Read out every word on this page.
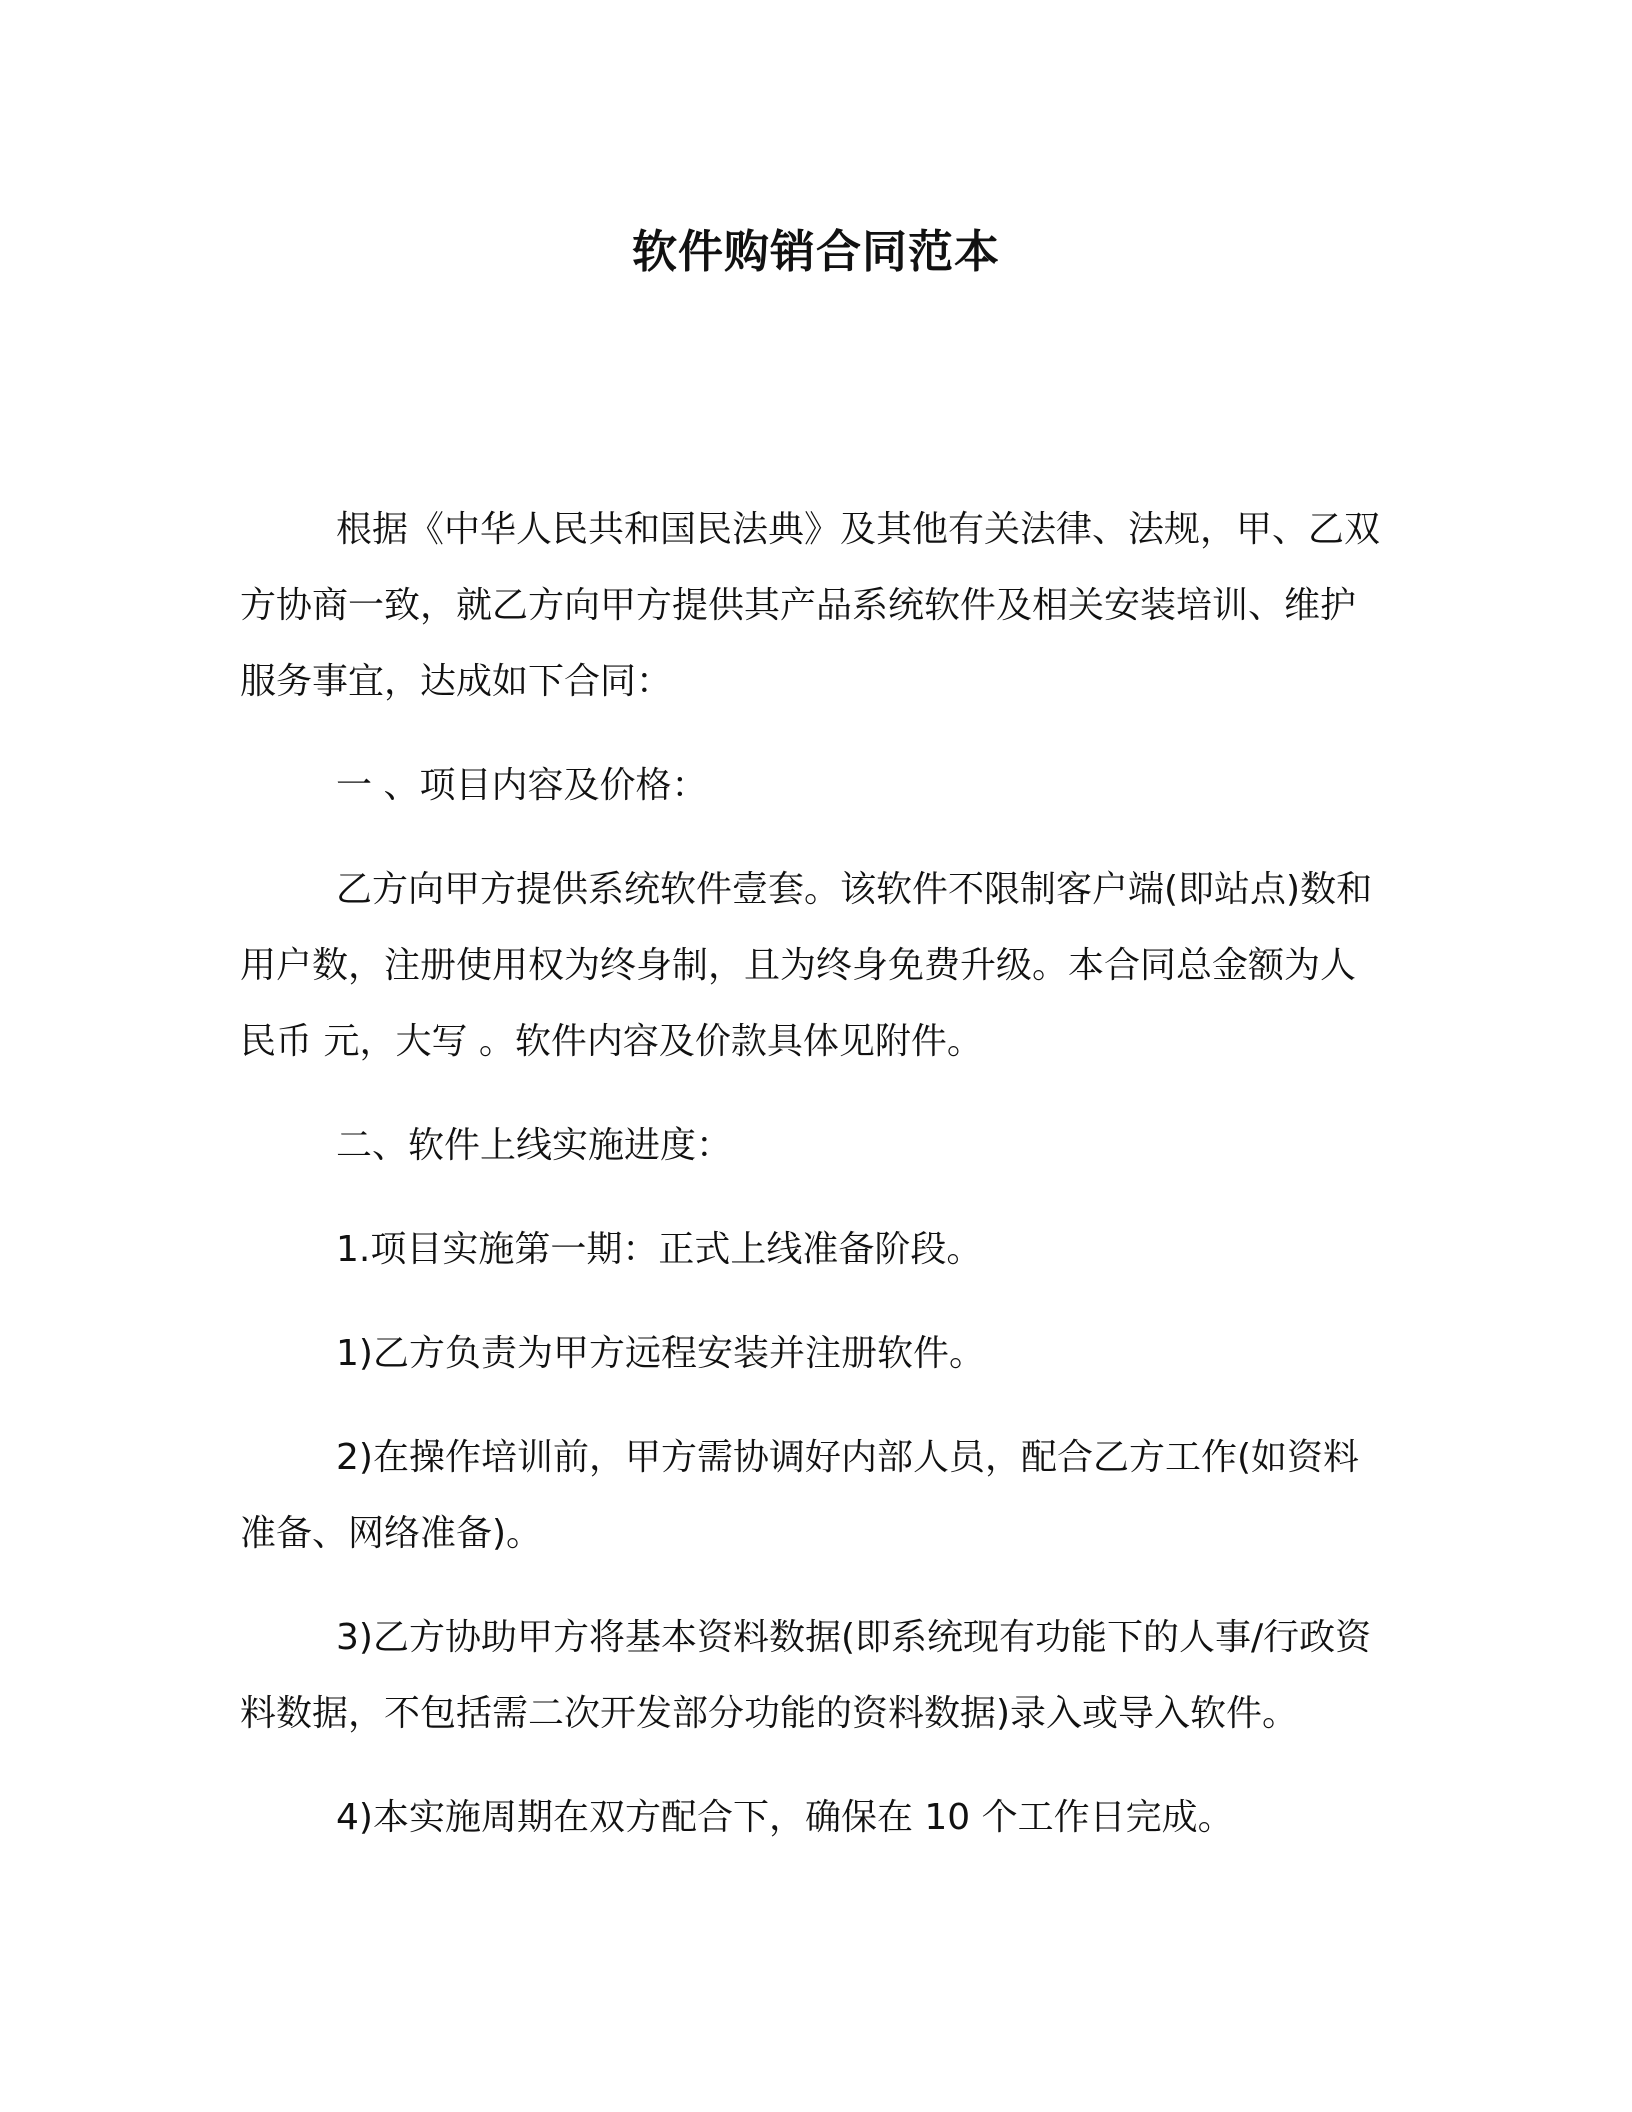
软件购销合同范本

根据《中华人民共和国民法典》及其他有关法律、法规，甲、乙双方协商一致，就乙方向甲方提供其产品系统软件及相关安装培训、维护服务事宜，达成如下合同：

一 、项目内容及价格：

乙方向甲方提供系统软件壹套。该软件不限制客户端(即站点)数和用户数，注册使用权为终身制，且为终身免费升级。本合同总金额为人民币 元，大写 。软件内容及价款具体见附件。

二、软件上线实施进度：

1.项目实施第一期：正式上线准备阶段。

1)乙方负责为甲方远程安装并注册软件。

2)在操作培训前，甲方需协调好内部人员，配合乙方工作(如资料准备、网络准备)。

3)乙方协助甲方将基本资料数据(即系统现有功能下的人事/行政资料数据，不包括需二次开发部分功能的资料数据)录入或导入软件。

4)本实施周期在双方配合下，确保在 10 个工作日完成。
